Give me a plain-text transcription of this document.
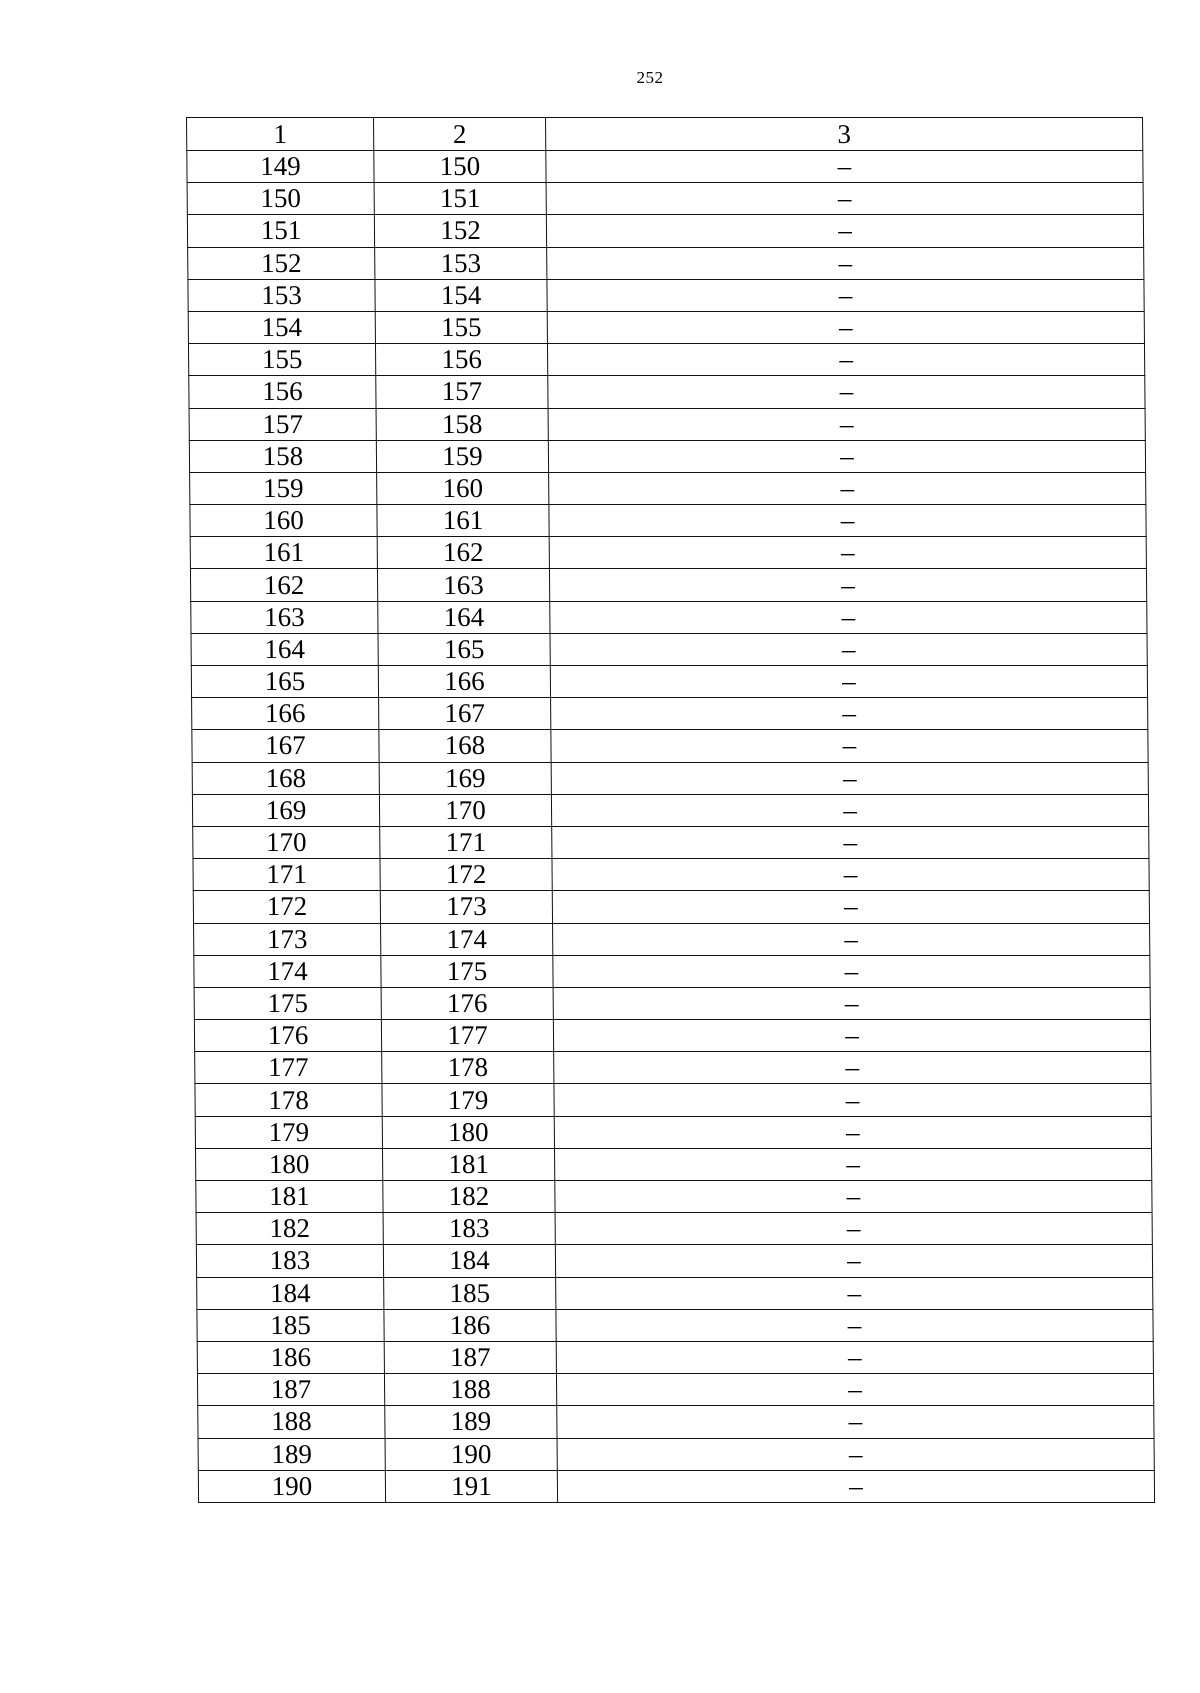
252
1	2	3
149	150	–
150	151	–
151	152	–
152	153	–
153	154	–
154	155	–
155	156	–
156	157	–
157	158	–
158	159	–
159	160	–
160	161	–
161	162	–
162	163	–
163	164	–
164	165	–
165	166	–
166	167	–
167	168	–
168	169	–
169	170	–
170	171	–
171	172	–
172	173	–
173	174	–
174	175	–
175	176	–
176	177	–
177	178	–
178	179	–
179	180	–
180	181	–
181	182	–
182	183	–
183	184	–
184	185	–
185	186	–
186	187	–
187	188	–
188	189	–
189	190	–
190	191	–
